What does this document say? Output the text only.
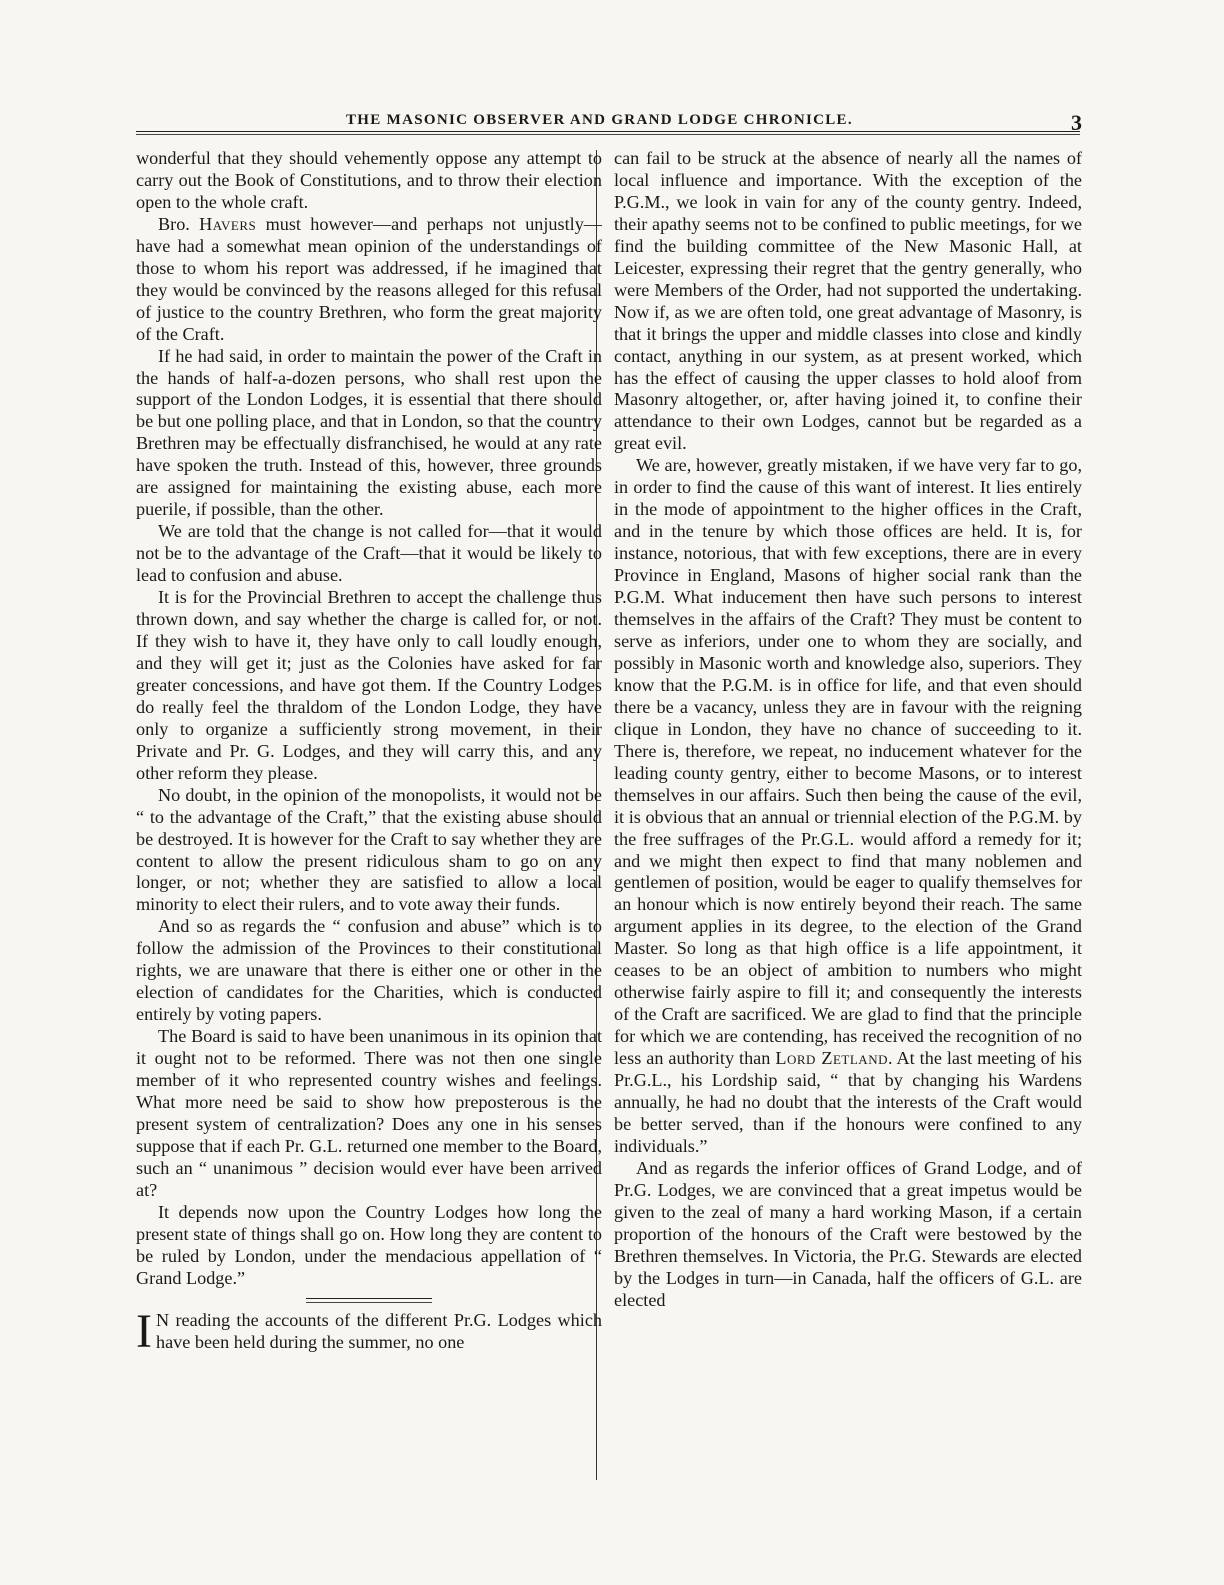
THE MASONIC OBSERVER AND GRAND LODGE CHRONICLE.	3

wonderful that they should vehemently oppose any attempt to carry out the Book of Constitutions, and to throw their election open to the whole craft.

Bro. Havers must however—and perhaps not unjustly—have had a somewhat mean opinion of the understandings of those to whom his report was addressed, if he imagined that they would be convinced by the reasons alleged for this refusal of justice to the country Brethren, who form the great majority of the Craft.

If he had said, in order to maintain the power of the Craft in the hands of half-a-dozen persons, who shall rest upon the support of the London Lodges, it is essential that there should be but one polling place, and that in London, so that the country Brethren may be effectually disfranchised, he would at any rate have spoken the truth. Instead of this, however, three grounds are assigned for maintaining the existing abuse, each more puerile, if possible, than the other.

We are told that the change is not called for—that it would not be to the advantage of the Craft—that it would be likely to lead to confusion and abuse.

It is for the Provincial Brethren to accept the challenge thus thrown down, and say whether the charge is called for, or not. If they wish to have it, they have only to call loudly enough, and they will get it; just as the Colonies have asked for far greater concessions, and have got them. If the Country Lodges do really feel the thraldom of the London Lodge, they have only to organize a sufficiently strong movement, in their Private and Pr. G. Lodges, and they will carry this, and any other reform they please.

No doubt, in the opinion of the monopolists, it would not be “ to the advantage of the Craft,” that the existing abuse should be destroyed. It is however for the Craft to say whether they are content to allow the present ridiculous sham to go on any longer, or not; whether they are satisfied to allow a local minority to elect their rulers, and to vote away their funds.

And so as regards the “ confusion and abuse” which is to follow the admission of the Provinces to their constitutional rights, we are unaware that there is either one or other in the election of candidates for the Charities, which is conducted entirely by voting papers.

The Board is said to have been unanimous in its opinion that it ought not to be reformed. There was not then one single member of it who represented country wishes and feelings. What more need be said to show how preposterous is the present system of centralization? Does any one in his senses suppose that if each Pr. G.L. returned one member to the Board, such an “ unanimous ” decision would ever have been arrived at?

It depends now upon the Country Lodges how long the present state of things shall go on. How long they are content to be ruled by London, under the mendacious appellation of “ Grand Lodge.”

I N reading the accounts of the different Pr.G. Lodges which have been held during the summer, no one

can fail to be struck at the absence of nearly all the names of local influence and importance. With the exception of the P.G.M., we look in vain for any of the county gentry. Indeed, their apathy seems not to be confined to public meetings, for we find the building committee of the New Masonic Hall, at Leicester, expressing their regret that the gentry generally, who were Members of the Order, had not supported the undertaking. Now if, as we are often told, one great advantage of Masonry, is that it brings the upper and middle classes into close and kindly contact, anything in our system, as at present worked, which has the effect of causing the upper classes to hold aloof from Masonry altogether, or, after having joined it, to confine their attendance to their own Lodges, cannot but be regarded as a great evil.

We are, however, greatly mistaken, if we have very far to go, in order to find the cause of this want of interest. It lies entirely in the mode of appointment to the higher offices in the Craft, and in the tenure by which those offices are held. It is, for instance, notorious, that with few exceptions, there are in every Province in England, Masons of higher social rank than the P.G.M. What inducement then have such persons to interest themselves in the affairs of the Craft? They must be content to serve as inferiors, under one to whom they are socially, and possibly in Masonic worth and knowledge also, superiors. They know that the P.G.M. is in office for life, and that even should there be a vacancy, unless they are in favour with the reigning clique in London, they have no chance of succeeding to it. There is, therefore, we repeat, no inducement whatever for the leading county gentry, either to become Masons, or to interest themselves in our affairs. Such then being the cause of the evil, it is obvious that an annual or triennial election of the P.G.M. by the free suffrages of the Pr.G.L. would afford a remedy for it; and we might then expect to find that many noblemen and gentlemen of position, would be eager to qualify themselves for an honour which is now entirely beyond their reach. The same argument applies in its degree, to the election of the Grand Master. So long as that high office is a life appointment, it ceases to be an object of ambition to numbers who might otherwise fairly aspire to fill it; and consequently the interests of the Craft are sacrificed. We are glad to find that the principle for which we are contending, has received the recognition of no less an authority than Lord Zetland. At the last meeting of his Pr.G.L., his Lordship said, “ that by changing his Wardens annually, he had no doubt that the interests of the Craft would be better served, than if the honours were confined to any individuals.”

And as regards the inferior offices of Grand Lodge, and of Pr.G. Lodges, we are convinced that a great impetus would be given to the zeal of many a hard working Mason, if a certain proportion of the honours of the Craft were bestowed by the Brethren themselves. In Victoria, the Pr.G. Stewards are elected by the Lodges in turn—in Canada, half the officers of G.L. are elected
